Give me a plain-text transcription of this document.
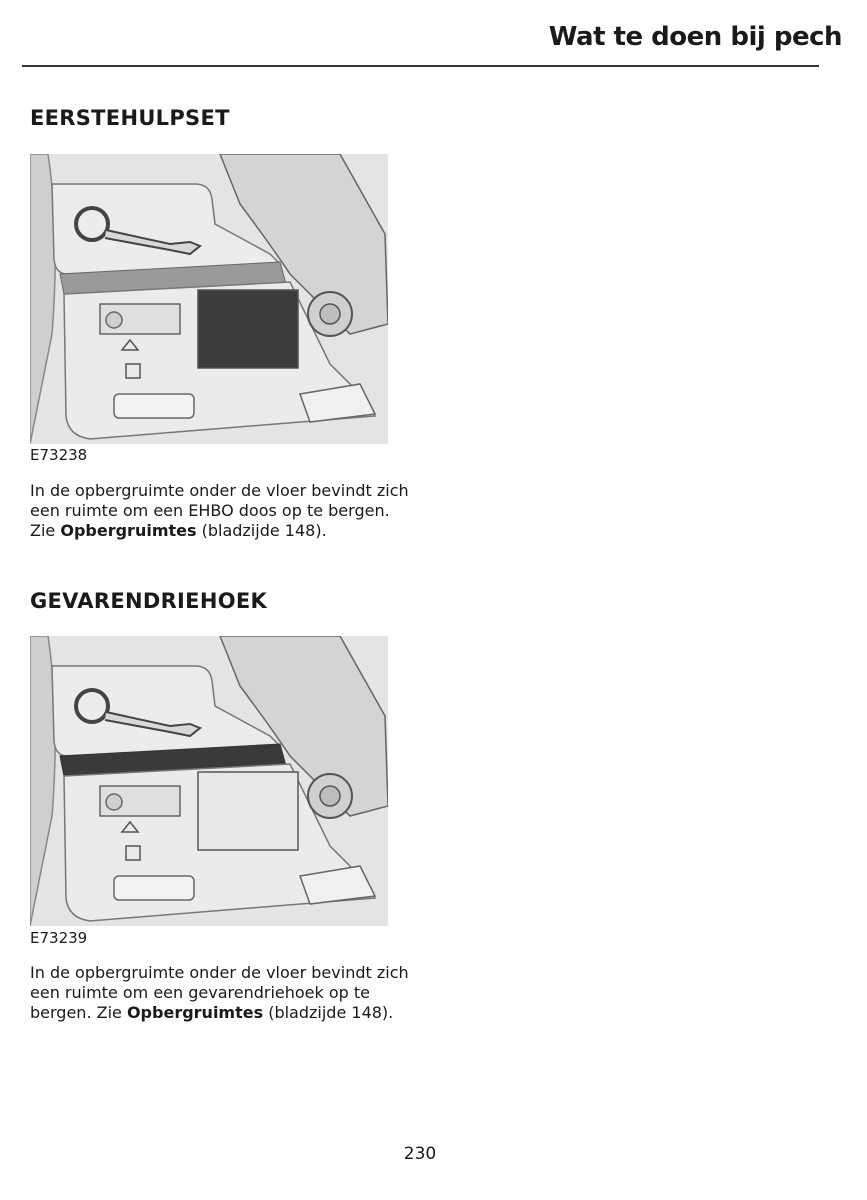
Wat te doen bij pech
EERSTEHULPSET
E73238

In de opbergruimte onder de vloer bevindt zich een ruimte om een EHBO doos op te bergen. Zie Opbergruimtes (bladzijde 148).

GEVARENDRIEHOEK
E73239

In de opbergruimte onder de vloer bevindt zich een ruimte om een gevarendriehoek op te bergen. Zie Opbergruimtes (bladzijde 148).

230
